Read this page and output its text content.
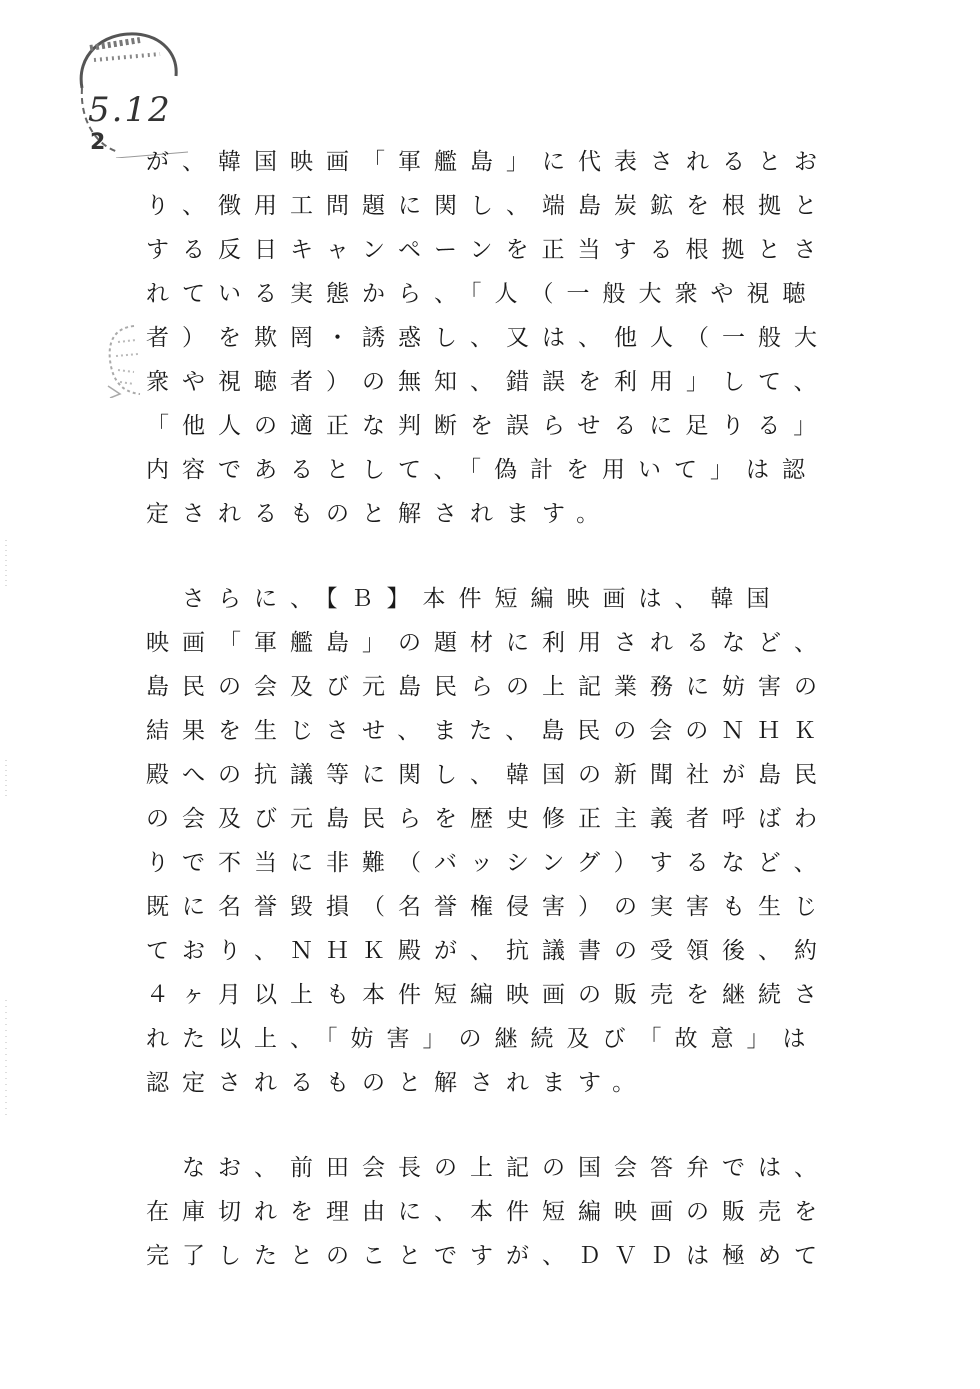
5.12
2
が、韓国映画「軍艦島」に代表されるとお
り、徴用工問題に関し、端島炭鉱を根拠と
する反日キャンペーンを正当する根拠とさ
れている実態から、「人（一般大衆や視聴
者）を欺罔・誘惑し、又は、他人（一般大
衆や視聴者）の無知、錯誤を利用」して、
「他人の適正な判断を誤らせるに足りる」
内容であるとして、「偽計を用いて」は認
定されるものと解されます。
　さらに、【Ｂ】本件短編映画は、韓国
映画「軍艦島」の題材に利用されるなど、
島民の会及び元島民らの上記業務に妨害の
結果を生じさせ、また、島民の会のＮＨＫ
殿への抗議等に関し、韓国の新聞社が島民
の会及び元島民らを歴史修正主義者呼ばわ
りで不当に非難（バッシング）するなど、
既に名誉毀損（名誉権侵害）の実害も生じ
ており、ＮＨＫ殿が、抗議書の受領後、約
４ヶ月以上も本件短編映画の販売を継続さ
れた以上、「妨害」の継続及び「故意」は
認定されるものと解されます。
　なお、前田会長の上記の国会答弁では、
在庫切れを理由に、本件短編映画の販売を
完了したとのことですが、ＤＶＤは極めて
